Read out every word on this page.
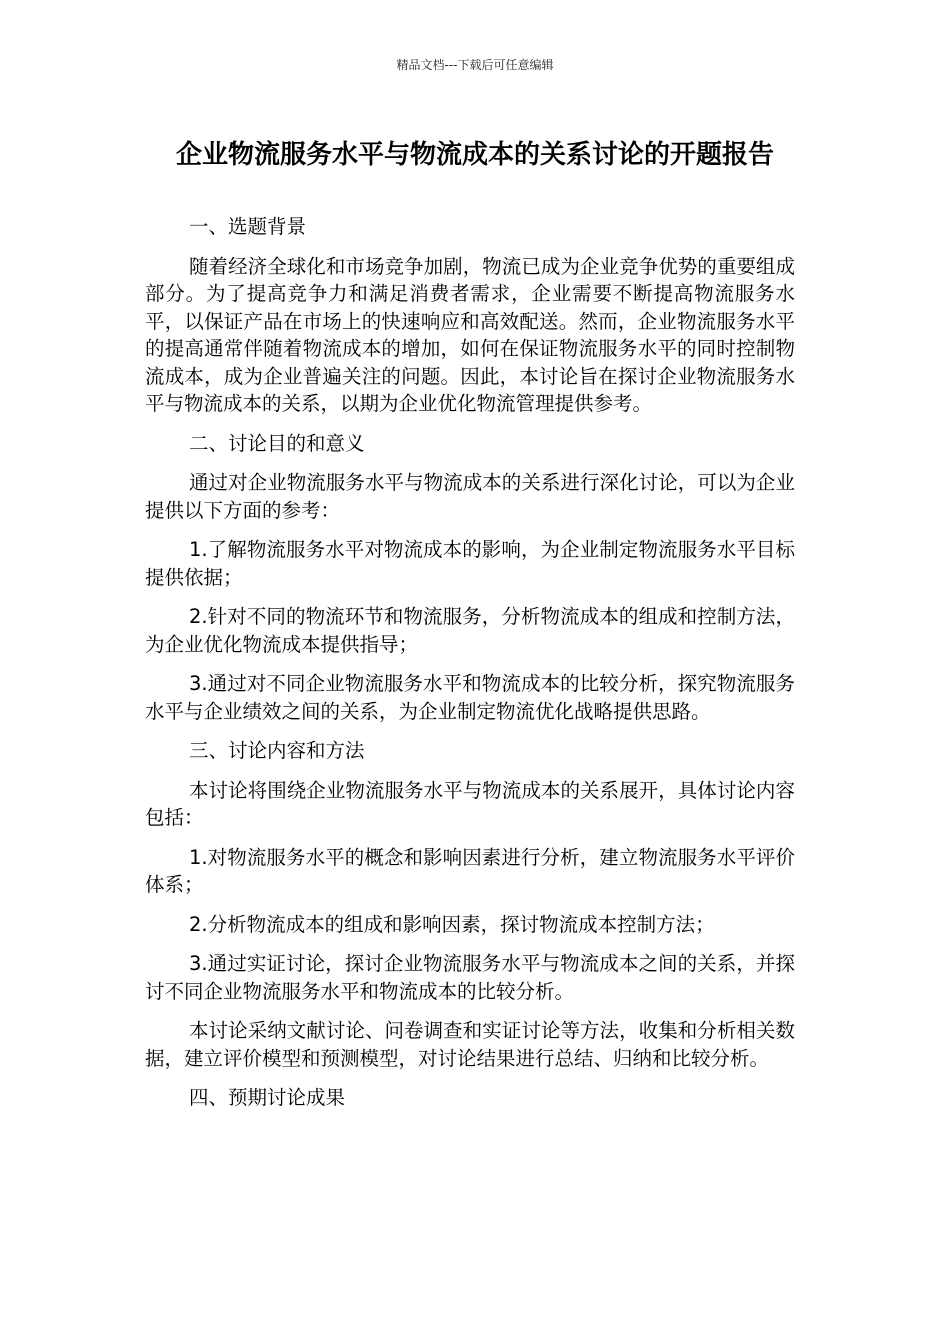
精品文档---下载后可任意编辑
企业物流服务水平与物流成本的关系讨论的开题报告
一、选题背景

随着经济全球化和市场竞争加剧，物流已成为企业竞争优势的重要组成部分。为了提高竞争力和满足消费者需求，企业需要不断提高物流服务水平，以保证产品在市场上的快速响应和高效配送。然而，企业物流服务水平的提高通常伴随着物流成本的增加，如何在保证物流服务水平的同时控制物流成本，成为企业普遍关注的问题。因此，本讨论旨在探讨企业物流服务水平与物流成本的关系，以期为企业优化物流管理提供参考。

二、讨论目的和意义

通过对企业物流服务水平与物流成本的关系进行深化讨论，可以为企业提供以下方面的参考：

1.了解物流服务水平对物流成本的影响，为企业制定物流服务水平目标提供依据；

2.针对不同的物流环节和物流服务，分析物流成本的组成和控制方法，为企业优化物流成本提供指导；

3.通过对不同企业物流服务水平和物流成本的比较分析，探究物流服务水平与企业绩效之间的关系，为企业制定物流优化战略提供思路。

三、讨论内容和方法

本讨论将围绕企业物流服务水平与物流成本的关系展开，具体讨论内容包括：

1.对物流服务水平的概念和影响因素进行分析，建立物流服务水平评价体系；

2.分析物流成本的组成和影响因素，探讨物流成本控制方法；

3.通过实证讨论，探讨企业物流服务水平与物流成本之间的关系，并探讨不同企业物流服务水平和物流成本的比较分析。

本讨论采纳文献讨论、问卷调查和实证讨论等方法，收集和分析相关数据，建立评价模型和预测模型，对讨论结果进行总结、归纳和比较分析。

四、预期讨论成果
